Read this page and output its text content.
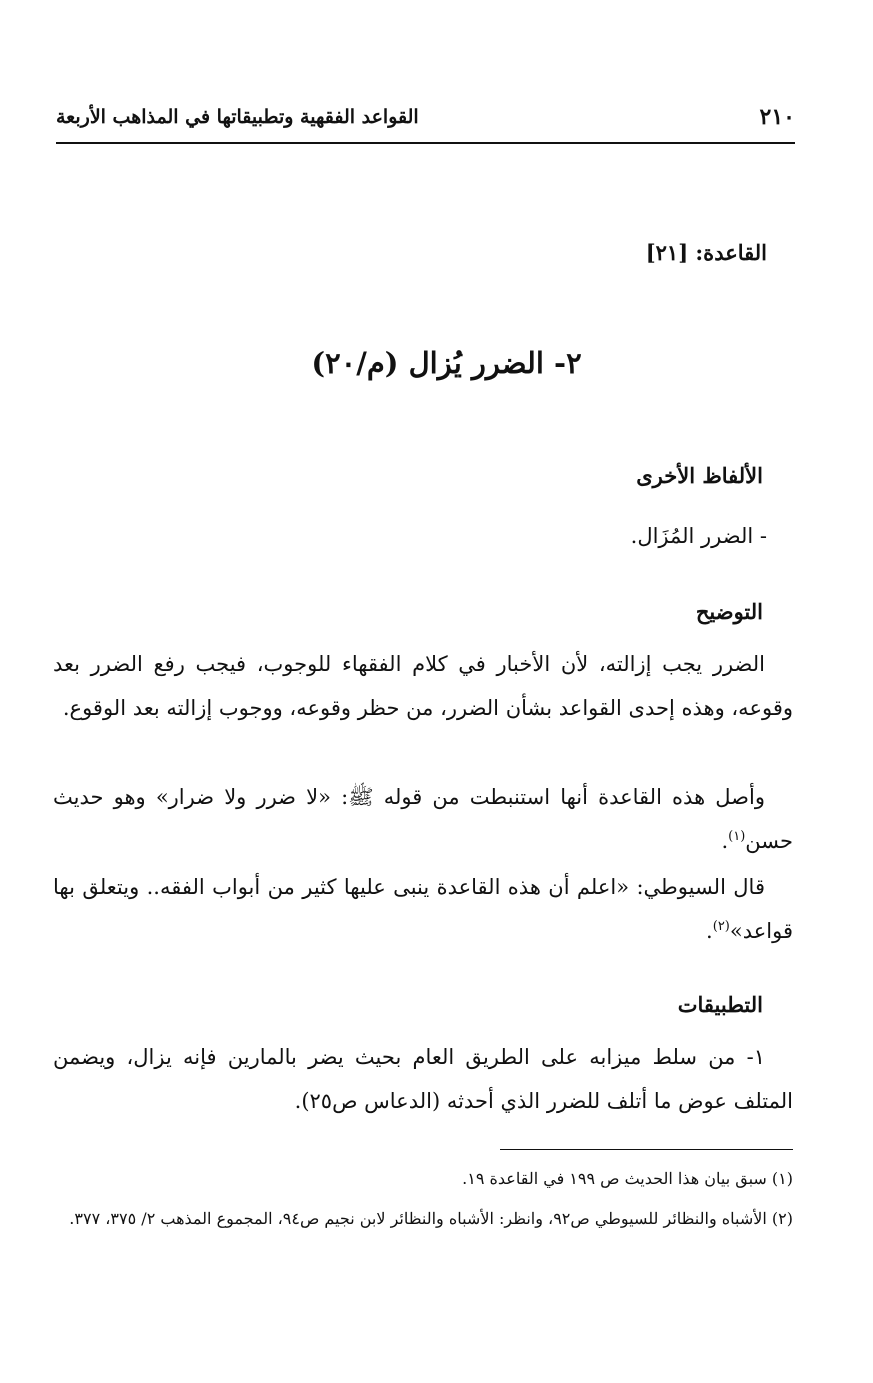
٢١٠
القواعد الفقهية وتطبيقاتها في المذاهب الأربعة
القاعدة: [٢١]
٢- الضرر يُزال (م/٢٠)
الألفاظ الأخرى
- الضرر المُزَال.
التوضيح
الضرر يجب إزالته، لأن الأخبار في كلام الفقهاء للوجوب، فيجب رفع الضرر بعد وقوعه، وهذه إحدى القواعد بشأن الضرر، من حظر وقوعه، ووجوب إزالته بعد الوقوع.
وأصل هذه القاعدة أنها استنبطت من قوله ﷺ: «لا ضرر ولا ضرار» وهو حديث حسن$^{(١)}$.
قال السيوطي: «اعلم أن هذه القاعدة ينبى عليها كثير من أبواب الفقه.. ويتعلق بها قواعد»$^{(٢)}$.
التطبيقات
١- من سلط ميزابه على الطريق العام بحيث يضر بالمارين فإنه يزال، ويضمن المتلف عوض ما أتلف للضرر الذي أحدثه (الدعاس ص٢٥).
(١) سبق بيان هذا الحديث ص ١٩٩ في القاعدة ١٩.
(٢) الأشباه والنظائر للسيوطي ص٩٢، وانظر: الأشباه والنظائر لابن نجيم ص٩٤، المجموع المذهب ٢/ ٣٧٥، ٣٧٧.
